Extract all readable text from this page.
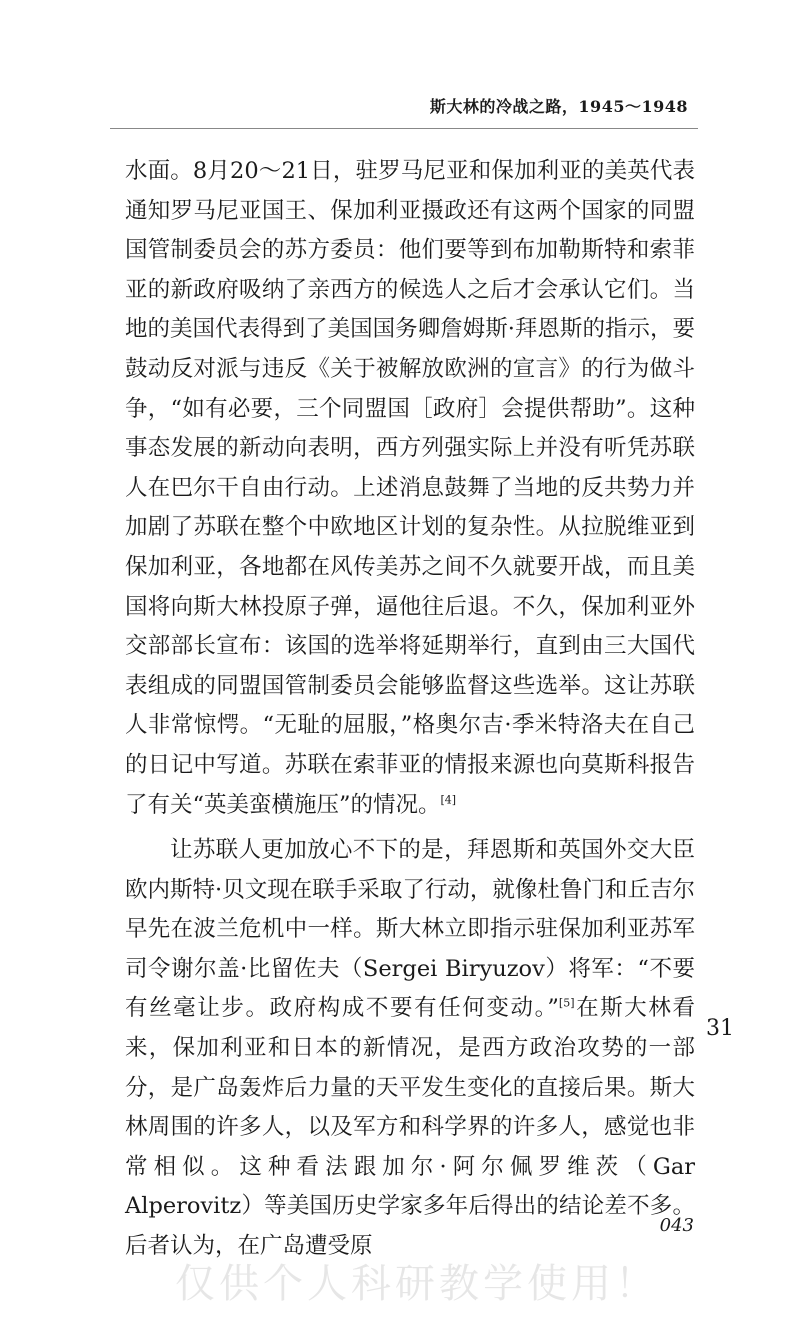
斯大林的冷战之路，1945～1948

水面。8月20～21日，驻罗马尼亚和保加利亚的美英代表通知罗马尼亚国王、保加利亚摄政还有这两个国家的同盟国管制委员会的苏方委员：他们要等到布加勒斯特和索菲亚的新政府吸纳了亲西方的候选人之后才会承认它们。当地的美国代表得到了美国国务卿詹姆斯·拜恩斯的指示，要鼓动反对派与违反《关于被解放欧洲的宣言》的行为做斗争，“如有必要，三个同盟国［政府］会提供帮助”。这种事态发展的新动向表明，西方列强实际上并没有听凭苏联人在巴尔干自由行动。上述消息鼓舞了当地的反共势力并加剧了苏联在整个中欧地区计划的复杂性。从拉脱维亚到保加利亚，各地都在风传美苏之间不久就要开战，而且美国将向斯大林投原子弹，逼他往后退。不久，保加利亚外交部部长宣布：该国的选举将延期举行，直到由三大国代表组成的同盟国管制委员会能够监督这些选举。这让苏联人非常惊愕。“无耻的屈服，”格奥尔吉·季米特洛夫在自己的日记中写道。苏联在索菲亚的情报来源也向莫斯科报告了有关“英美蛮横施压”的情况。[4]

让苏联人更加放心不下的是，拜恩斯和英国外交大臣欧内斯特·贝文现在联手采取了行动，就像杜鲁门和丘吉尔早先在波兰危机中一样。斯大林立即指示驻保加利亚苏军司令谢尔盖·比留佐夫（Sergei Biryuzov）将军：“不要有丝毫让步。政府构成不要有任何变动。”[5]在斯大林看来，保加利亚和日本的新情况，是西方政治攻势的一部分，是广岛轰炸后力量的天平发生变化的直接后果。斯大林周围的许多人，以及军方和科学界的许多人，感觉也非常相似。这种看法跟加尔·阿尔佩罗维茨（Gar Alperovitz）等美国历史学家多年后得出的结论差不多。后者认为，在广岛遭受原

31
043
仅供个人科研教学使用！
